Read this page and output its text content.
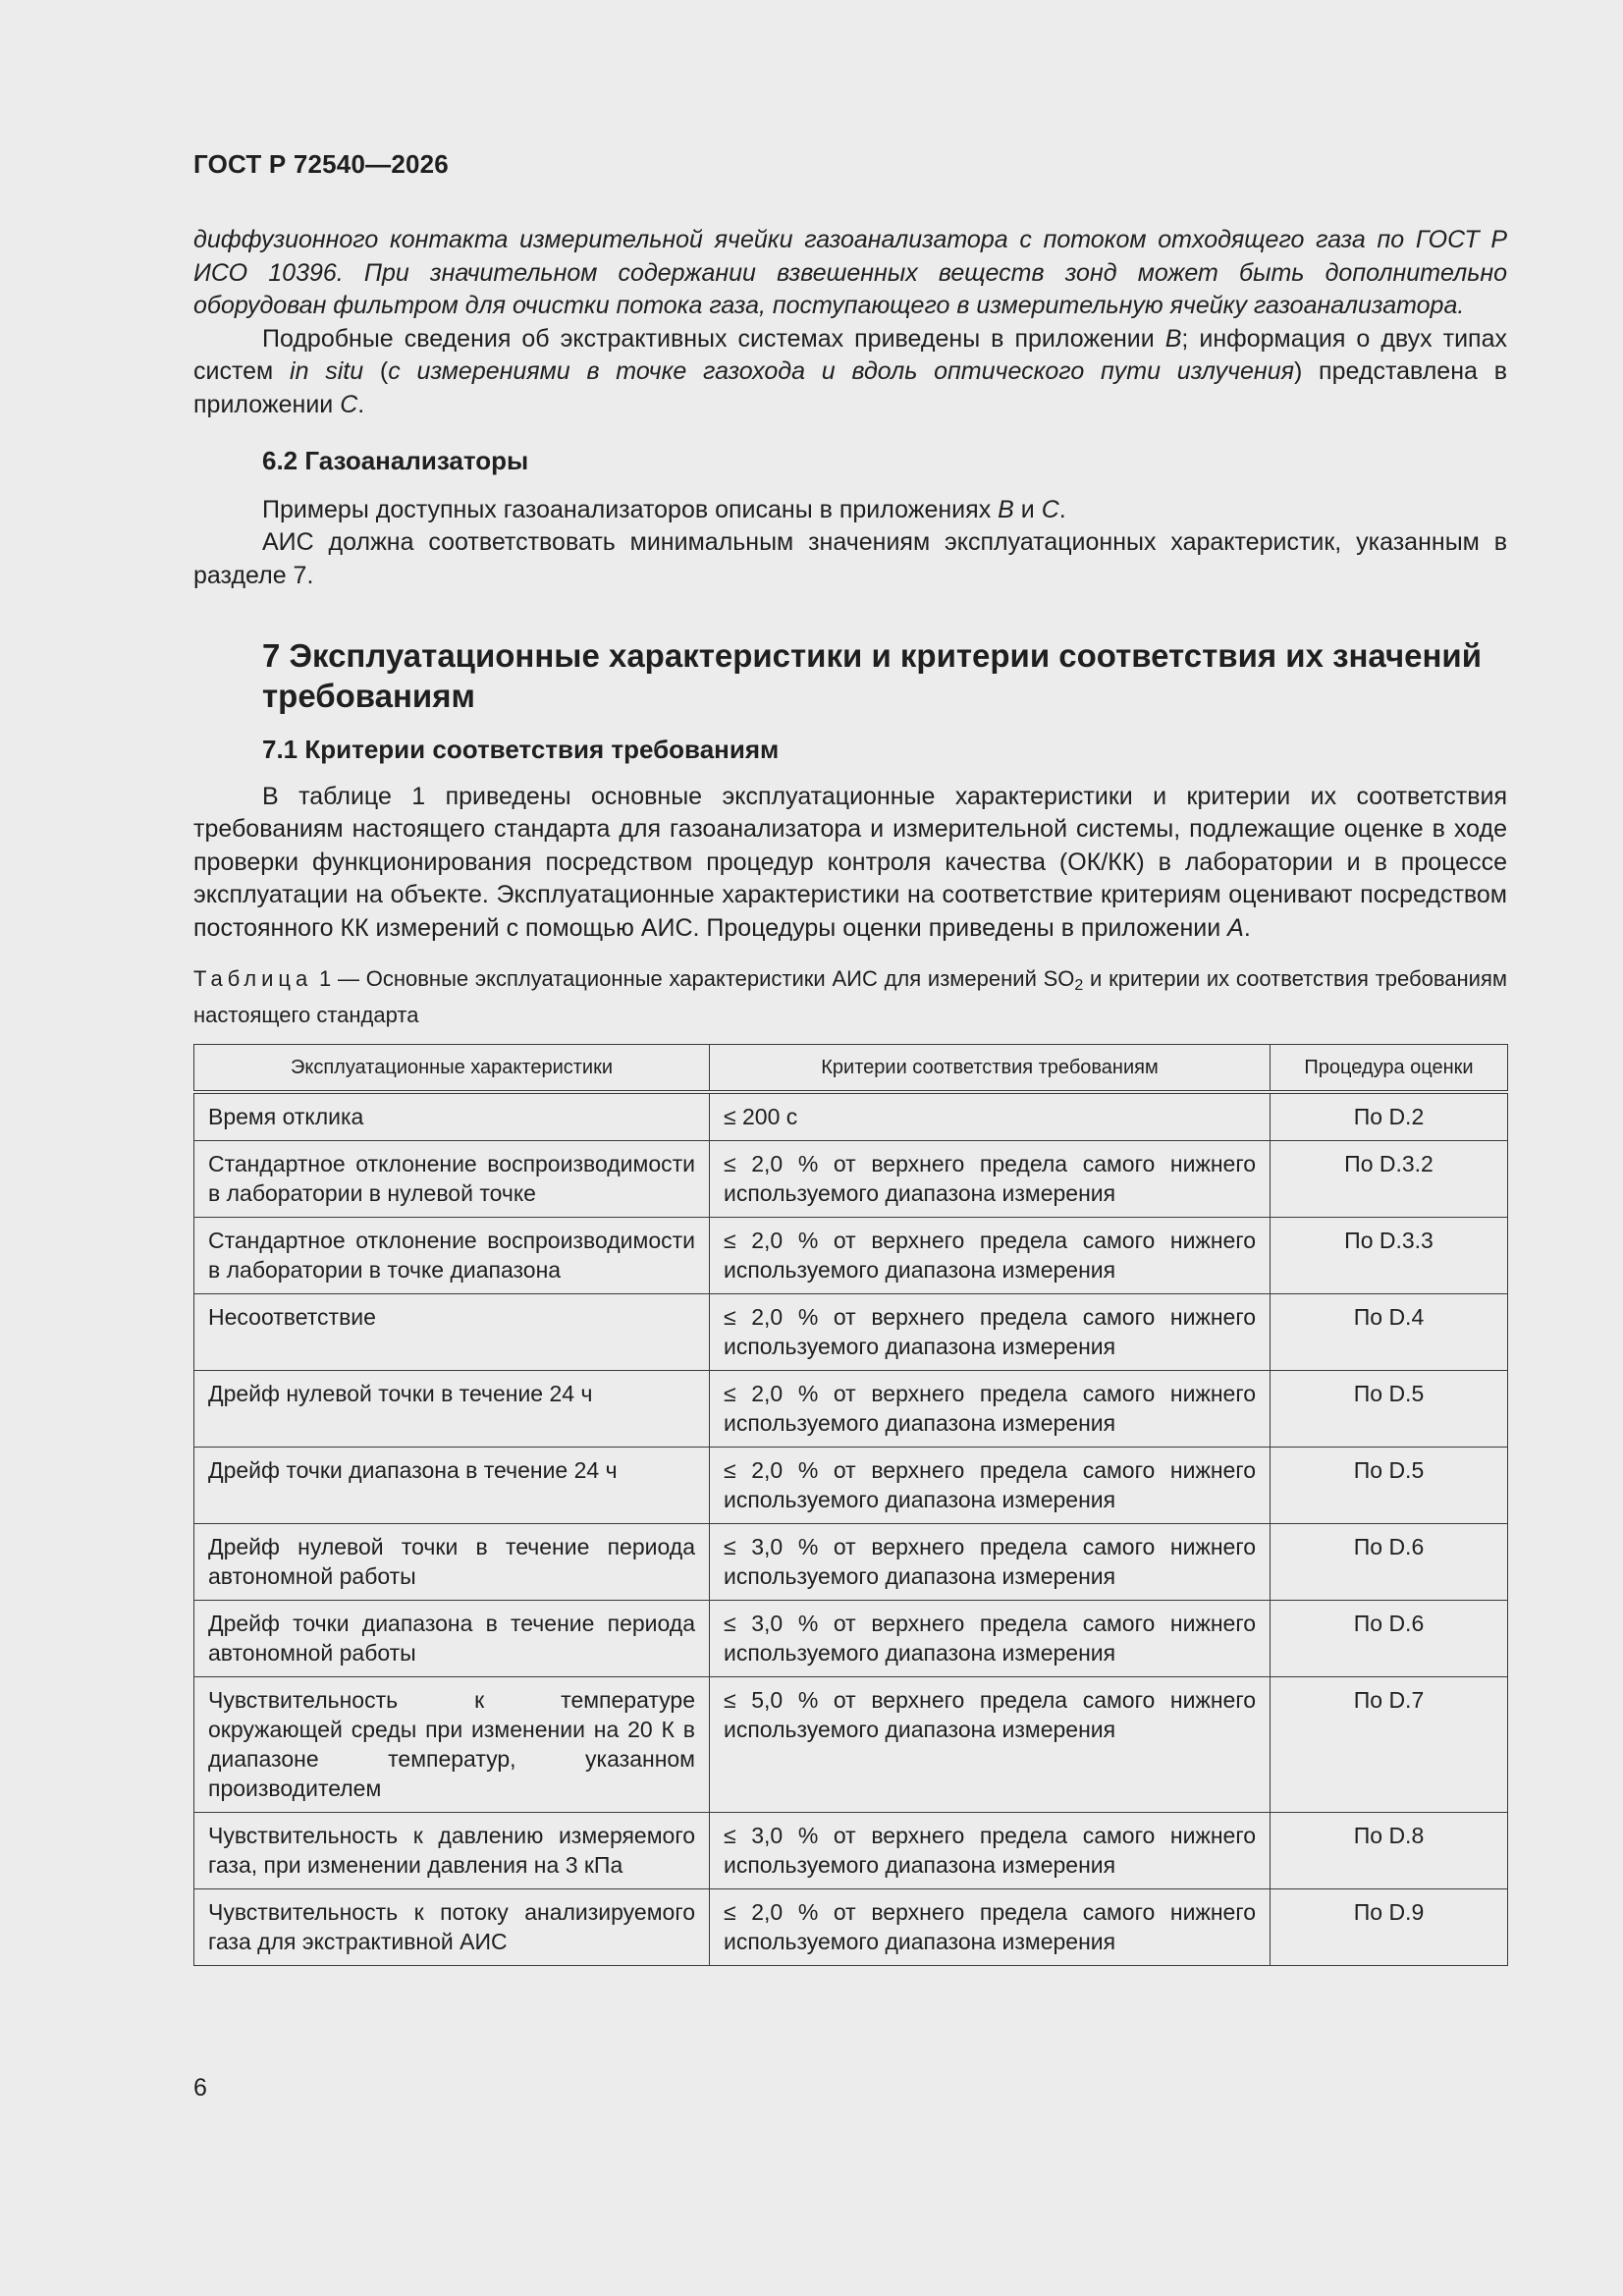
ГОСТ Р 72540—2026

диффузионного контакта измерительной ячейки газоанализатора с потоком отходящего газа по ГОСТ Р ИСО 10396. При значительном содержании взвешенных веществ зонд может быть дополнительно оборудован фильтром для очистки потока газа, поступающего в измерительную ячейку газоанализатора.

Подробные сведения об экстрактивных системах приведены в приложении B; информация о двух типах систем in situ (с измерениями в точке газохода и вдоль оптического пути излучения) представлена в приложении C.

6.2 Газоанализаторы

Примеры доступных газоанализаторов описаны в приложениях B и C.

АИС должна соответствовать минимальным значениям эксплуатационных характеристик, указанным в разделе 7.

7 Эксплуатационные характеристики и критерии соответствия их значений требованиям
7.1 Критерии соответствия требованиям

В таблице 1 приведены основные эксплуатационные характеристики и критерии их соответствия требованиям настоящего стандарта для газоанализатора и измерительной системы, подлежащие оценке в ходе проверки функционирования посредством процедур контроля качества (ОК/КК) в лаборатории и в процессе эксплуатации на объекте. Эксплуатационные характеристики на соответствие критериям оценивают посредством постоянного КК измерений с помощью АИС. Процедуры оценки приведены в приложении A.

Таблица 1 — Основные эксплуатационные характеристики АИС для измерений $SO_2$ и критерии их соответствия требованиям настоящего стандарта
Эксплуатационные характеристики	Критерии соответствия требованиям	Процедура оценки
Время отклика	≤ 200 с	По D.2
Стандартное отклонение воспроизводимости в лаборатории в нулевой точке	≤ 2,0 % от верхнего предела самого нижнего используемого диапазона измерения	По D.3.2
Стандартное отклонение воспроизводимости в лаборатории в точке диапазона	≤ 2,0 % от верхнего предела самого нижнего используемого диапазона измерения	По D.3.3
Несоответствие	≤ 2,0 % от верхнего предела самого нижнего используемого диапазона измерения	По D.4
Дрейф нулевой точки в течение 24 ч	≤ 2,0 % от верхнего предела самого нижнего используемого диапазона измерения	По D.5
Дрейф точки диапазона в течение 24 ч	≤ 2,0 % от верхнего предела самого нижнего используемого диапазона измерения	По D.5
Дрейф нулевой точки в течение периода автономной работы	≤ 3,0 % от верхнего предела самого нижнего используемого диапазона измерения	По D.6
Дрейф точки диапазона в течение периода автономной работы	≤ 3,0 % от верхнего предела самого нижнего используемого диапазона измерения	По D.6
Чувствительность к температуре окружающей среды при изменении на 20 К в диапазоне температур, указанном производителем	≤ 5,0 % от верхнего предела самого нижнего используемого диапазона измерения	По D.7
Чувствительность к давлению измеряемого газа, при изменении давления на 3 кПа	≤ 3,0 % от верхнего предела самого нижнего используемого диапазона измерения	По D.8
Чувствительность к потоку анализируемого газа для экстрактивной АИС	≤ 2,0 % от верхнего предела самого нижнего используемого диапазона измерения	По D.9
6
